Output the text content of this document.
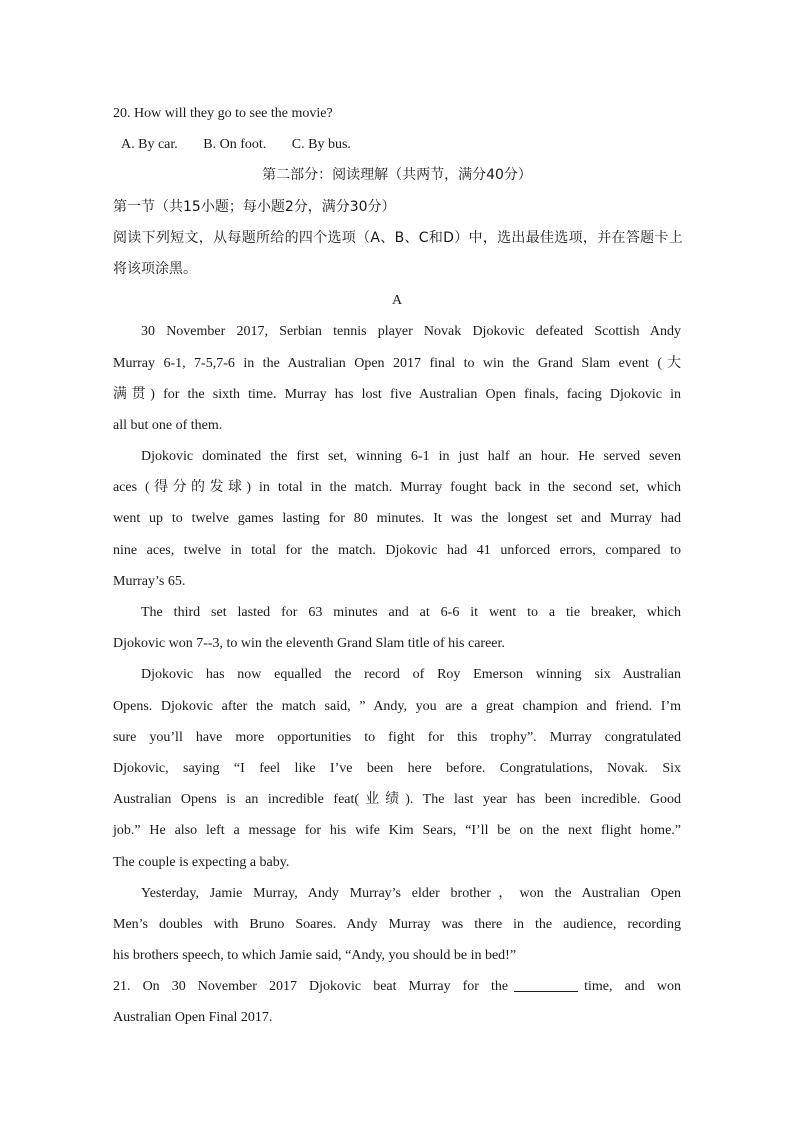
20. How will they go to see the movie?

A. By car. B. On foot. C. By bus.

第二部分：阅读理解（共两节，满分40分）

第一节（共15小题；每小题2分，满分30分）

阅读下列短文，从每题所给的四个选项（A、B、C和D）中，选出最佳选项，并在答题卡上

将该项涂黑。

A

30 November 2017, Serbian tennis player Novak Djokovic defeated Scottish Andy

Murray 6-1, 7-5,7-6 in the Australian Open 2017 final to win the Grand Slam event (大

满贯) for the sixth time. Murray has lost five Australian Open finals, facing Djokovic in

all but one of them.

Djokovic dominated the first set, winning 6-1 in just half an hour. He served seven

aces (得分的发球) in total in the match. Murray fought back in the second set, which

went up to twelve games lasting for 80 minutes. It was the longest set and Murray had

nine aces, twelve in total for the match. Djokovic had 41 unforced errors, compared to

Murray’s 65.

The third set lasted for 63 minutes and at 6-6 it went to a tie breaker, which

Djokovic won 7--3, to win the eleventh Grand Slam title of his career.

Djokovic has now equalled the record of Roy Emerson winning six Australian

Opens. Djokovic after the match said, ” Andy, you are a great champion and friend. I’m

sure you’ll have more opportunities to fight for this trophy”. Murray congratulated

Djokovic, saying “I feel like I’ve been here before. Congratulations, Novak. Six

Australian Opens is an incredible feat(业绩). The last year has been incredible. Good

job.” He also left a message for his wife Kim Sears, “I’ll be on the next flight home.”

The couple is expecting a baby.

Yesterday, Jamie Murray, Andy Murray’s elder brother，won the Australian Open

Men’s doubles with Bruno Soares. Andy Murray was there in the audience, recording

his brothers speech, to which Jamie said, “Andy, you should be in bed!”

21. On 30 November 2017 Djokovic beat Murray for the	time, and won

Australian Open Final 2017.
